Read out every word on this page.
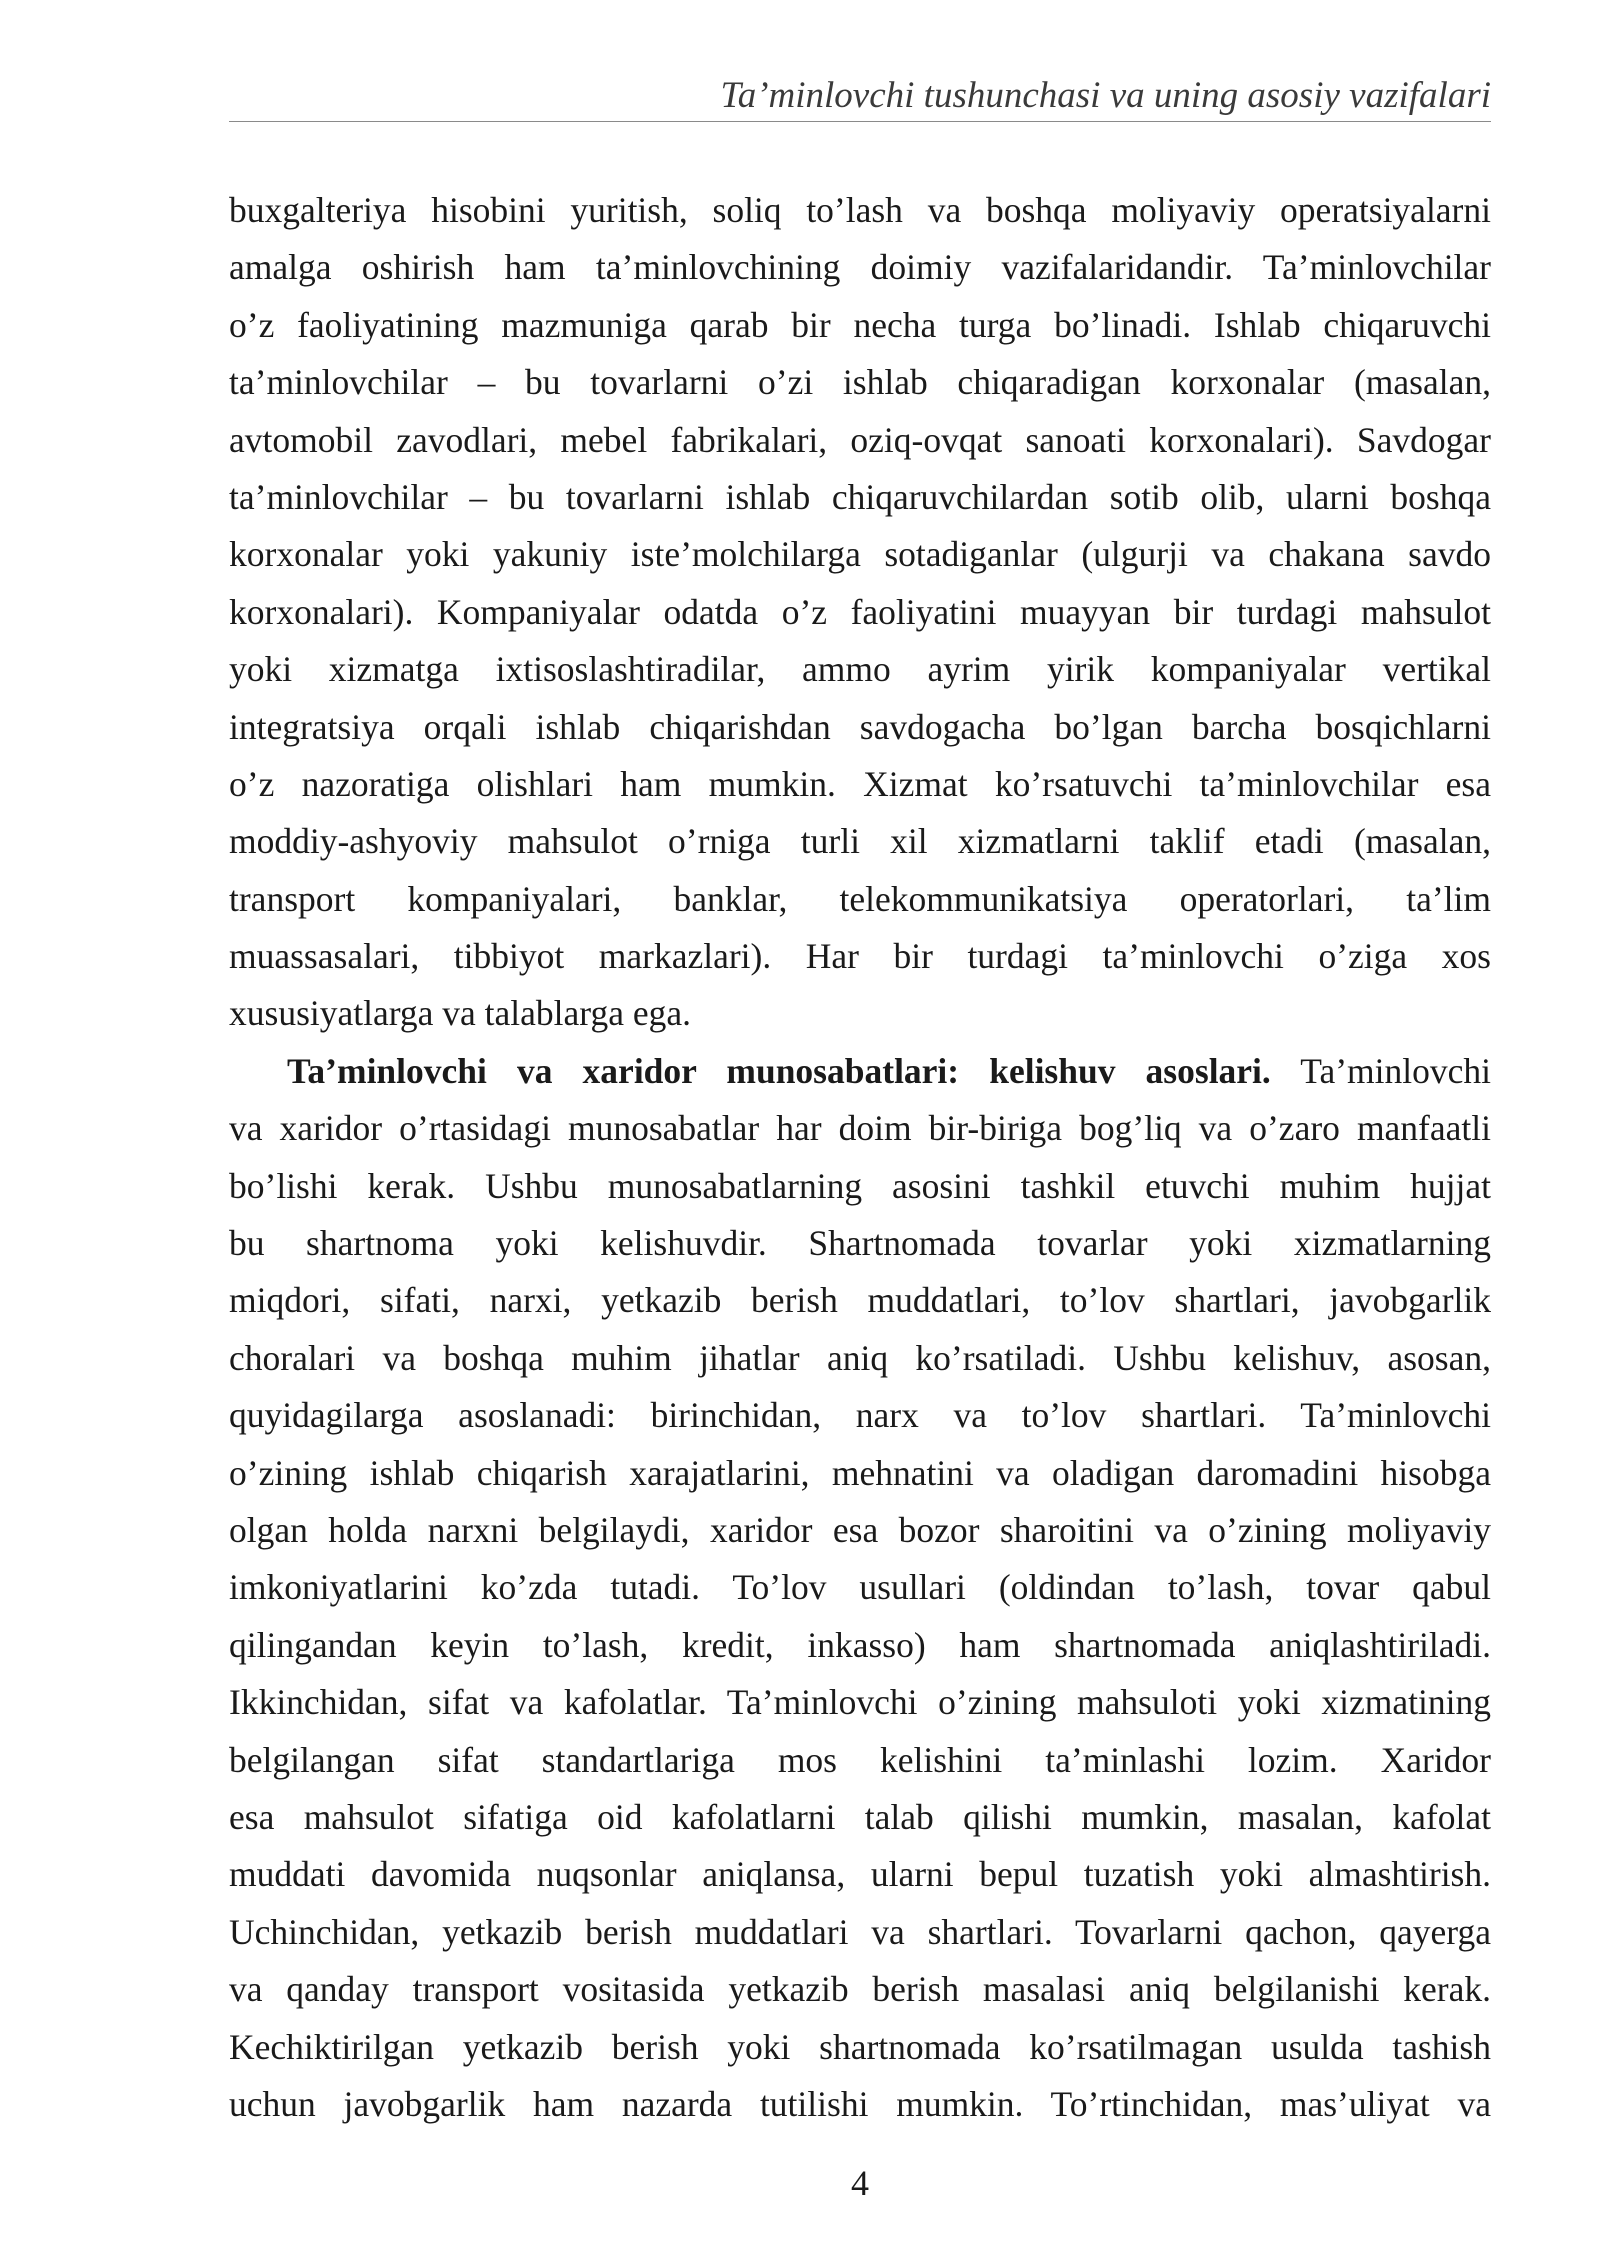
Ta’minlovchi tushunchasi va uning asosiy vazifalari
buxgalteriya hisobini yuritish, soliq to’lash va boshqa moliyaviy operatsiyalarni
amalga oshirish ham ta’minlovchining doimiy vazifalaridandir. Ta’minlovchilar
o’z faoliyatining mazmuniga qarab bir necha turga bo’linadi. Ishlab chiqaruvchi
ta’minlovchilar – bu tovarlarni o’zi ishlab chiqaradigan korxonalar (masalan,
avtomobil zavodlari, mebel fabrikalari, oziq-ovqat sanoati korxonalari). Savdogar
ta’minlovchilar – bu tovarlarni ishlab chiqaruvchilardan sotib olib, ularni boshqa
korxonalar yoki yakuniy iste’molchilarga sotadiganlar (ulgurji va chakana savdo
korxonalari). Kompaniyalar odatda o’z faoliyatini muayyan bir turdagi mahsulot
yoki xizmatga ixtisoslashtiradilar, ammo ayrim yirik kompaniyalar vertikal
integratsiya orqali ishlab chiqarishdan savdogacha bo’lgan barcha bosqichlarni
o’z nazoratiga olishlari ham mumkin. Xizmat ko’rsatuvchi ta’minlovchilar esa
moddiy-ashyoviy mahsulot o’rniga turli xil xizmatlarni taklif etadi (masalan,
transport kompaniyalari, banklar, telekommunikatsiya operatorlari, ta’lim
muassasalari, tibbiyot markazlari). Har bir turdagi ta’minlovchi o’ziga xos
xususiyatlarga va talablarga ega.
Ta’minlovchi va xaridor munosabatlari: kelishuv asoslari. Ta’minlovchi
va xaridor o’rtasidagi munosabatlar har doim bir-biriga bog’liq va o’zaro manfaatli
bo’lishi kerak. Ushbu munosabatlarning asosini tashkil etuvchi muhim hujjat
bu shartnoma yoki kelishuvdir. Shartnomada tovarlar yoki xizmatlarning
miqdori, sifati, narxi, yetkazib berish muddatlari, to’lov shartlari, javobgarlik
choralari va boshqa muhim jihatlar aniq ko’rsatiladi. Ushbu kelishuv, asosan,
quyidagilarga asoslanadi: birinchidan, narx va to’lov shartlari. Ta’minlovchi
o’zining ishlab chiqarish xarajatlarini, mehnatini va oladigan daromadini hisobga
olgan holda narxni belgilaydi, xaridor esa bozor sharoitini va o’zining moliyaviy
imkoniyatlarini ko’zda tutadi. To’lov usullari (oldindan to’lash, tovar qabul
qilingandan keyin to’lash, kredit, inkasso) ham shartnomada aniqlashtiriladi.
Ikkinchidan, sifat va kafolatlar. Ta’minlovchi o’zining mahsuloti yoki xizmatining
belgilangan sifat standartlariga mos kelishini ta’minlashi lozim. Xaridor
esa mahsulot sifatiga oid kafolatlarni talab qilishi mumkin, masalan, kafolat
muddati davomida nuqsonlar aniqlansa, ularni bepul tuzatish yoki almashtirish.
Uchinchidan, yetkazib berish muddatlari va shartlari. Tovarlarni qachon, qayerga
va qanday transport vositasida yetkazib berish masalasi aniq belgilanishi kerak.
Kechiktirilgan yetkazib berish yoki shartnomada ko’rsatilmagan usulda tashish
uchun javobgarlik ham nazarda tutilishi mumkin. To’rtinchidan, mas’uliyat va
4
